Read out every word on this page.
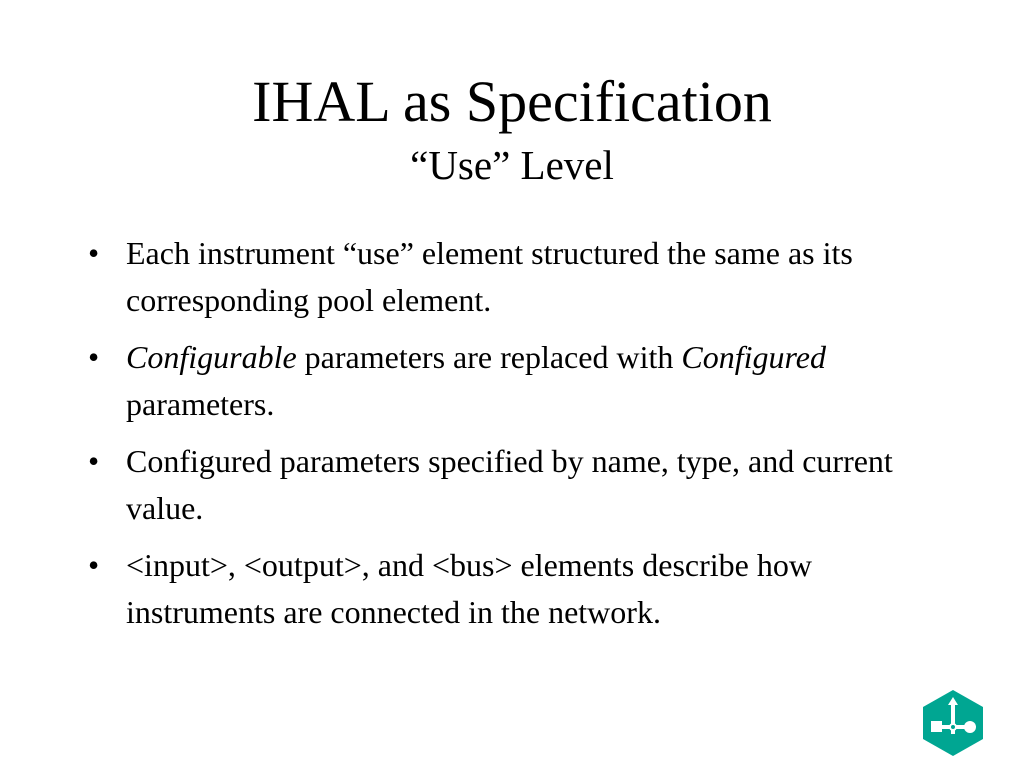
IHAL as Specification
“Use” Level
• Each instrument “use” element structured the same as its corresponding pool element.
• Configurable parameters are replaced with Configured parameters.
• Configured parameters specified by name, type, and current value.
• <input>, <output>, and <bus> elements describe how instruments are connected in the network.
